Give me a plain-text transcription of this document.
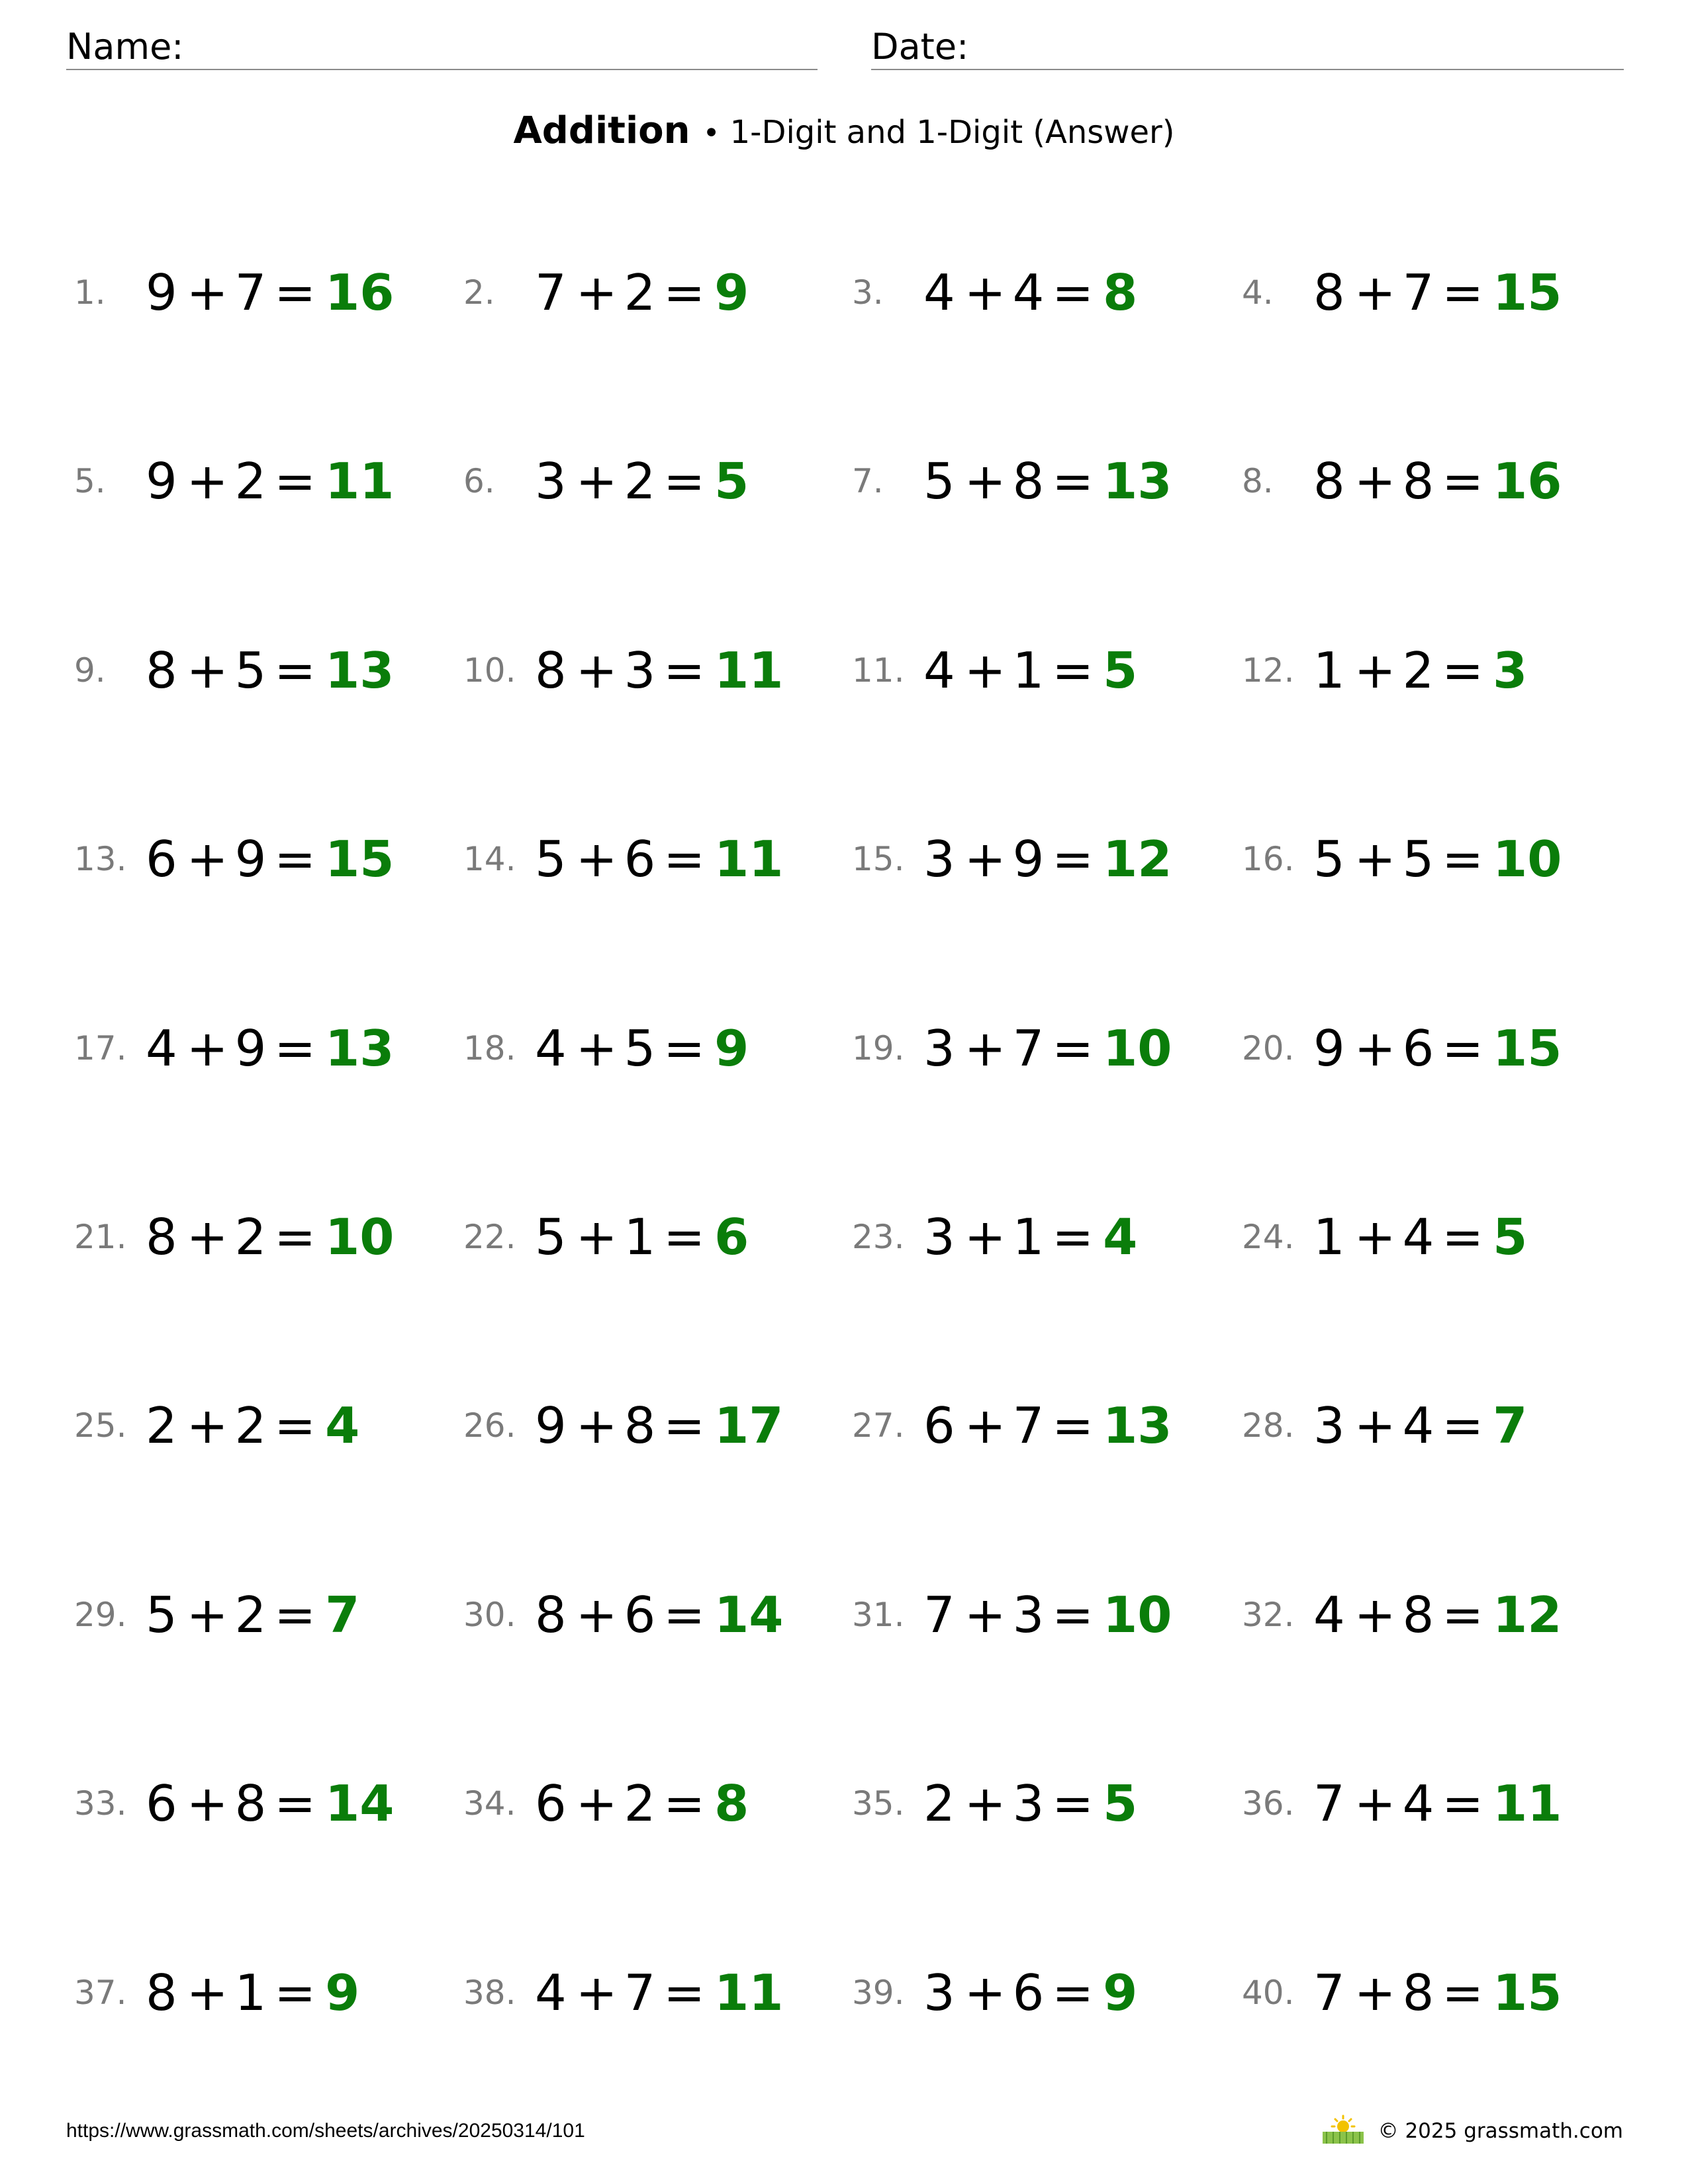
Name:	Date:
Addition • 1-Digit and 1-Digit (Answer)
1. 9 + 7 = 16 2. 7 + 2 = 9	3. 4 + 4 = 8	4. 8 + 7 = 15
5. 9 + 2 = 11 6. 3 + 2 = 5	7. 5 + 8 = 13 8. 8 + 8 = 16
9. 8 + 5 = 13 10. 8 + 3 = 11 11. 4 + 1 = 5	12. 1 + 2 = 3
13. 6 + 9 = 15 14. 5 + 6 = 11 15. 3 + 9 = 12 16. 5 + 5 = 10
17. 4 + 9 = 13 18. 4 + 5 = 9	19. 3 + 7 = 10 20. 9 + 6 = 15
21. 8 + 2 = 10 22. 5 + 1 = 6	23. 3 + 1 = 4	24. 1 + 4 = 5
25. 2 + 2 = 4	26. 9 + 8 = 17 27. 6 + 7 = 13 28. 3 + 4 = 7
29. 5 + 2 = 7	30. 8 + 6 = 14 31. 7 + 3 = 10 32. 4 + 8 = 12
33. 6 + 8 = 14 34. 6 + 2 = 8	35. 2 + 3 = 5	36. 7 + 4 = 11
37. 8 + 1 = 9	38. 4 + 7 = 11 39. 3 + 6 = 9	40. 7 + 8 = 15
https://www.grassmath.com/sheets/archives/20250314/101	© 2025 grassmath.com
